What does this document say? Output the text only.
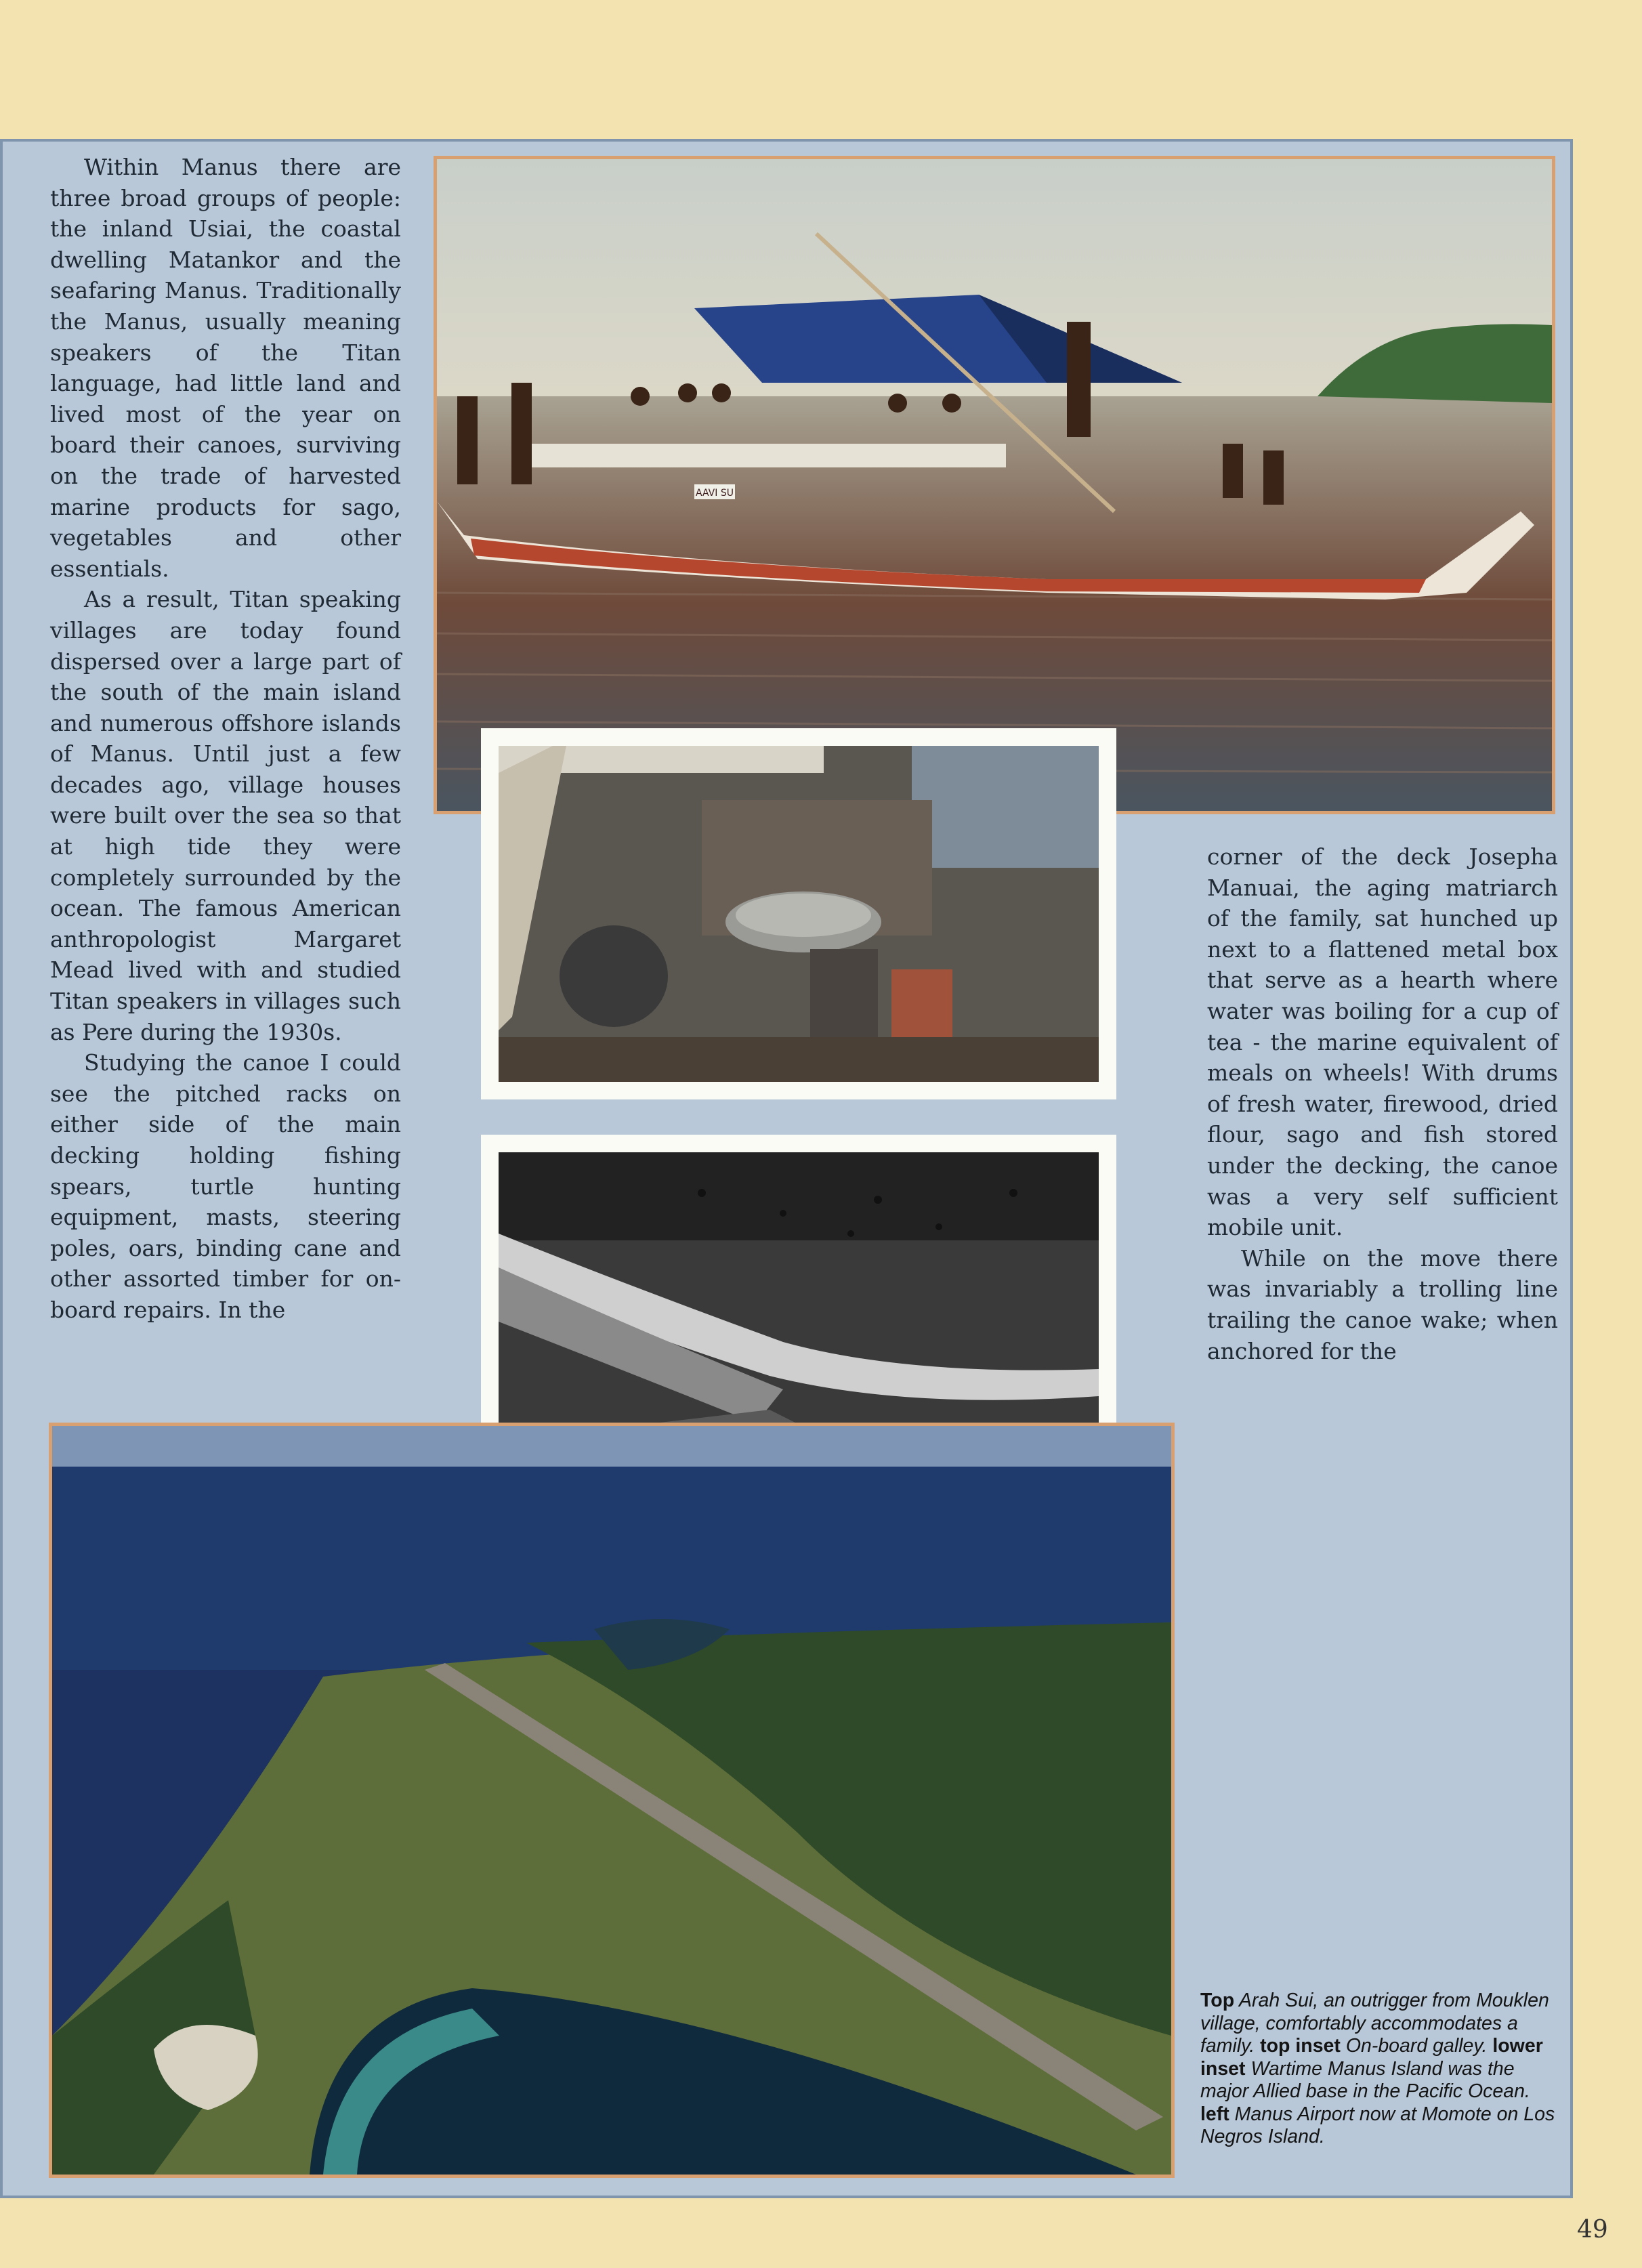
Within Manus there are three broad groups of people: the inland Usiai, the coastal dwelling Matankor and the seafaring Manus. Traditionally the Manus, usually meaning speakers of the Titan language, had little land and lived most of the year on board their canoes, surviving on the trade of harvested marine products for sago, vegetables and other essentials.

As a result, Titan speaking villages are today found dispersed over a large part of the south of the main island and numerous offshore islands of Manus. Until just a few decades ago, village houses were built over the sea so that at high tide they were completely surrounded by the ocean. The famous American anthropologist Margaret Mead lived with and studied Titan speakers in villages such as Pere during the 1930s.

Studying the canoe I could see the pitched racks on either side of the main decking holding fishing spears, turtle hunting equipment, masts, steering poles, oars, binding cane and other assorted timber for on-board repairs. In the

corner of the deck Josepha Manuai, the aging matriarch of the family, sat hunched up next to a flattened metal box that serve as a hearth where water was boiling for a cup of tea - the marine equivalent of meals on wheels! With drums of fresh water, firewood, dried flour, sago and fish stored under the decking, the canoe was a very self sufficient mobile unit.

While on the move there was invariably a trolling line trailing the canoe wake; when anchored for the

AAVI SU
Top Arah Sui, an outrigger from Mouklen village, comfortably accommodates a family. top inset On-board galley. lower inset Wartime Manus Island was the major Allied base in the Pacific Ocean. left Manus Airport now at Momote on Los Negros Island.
49
